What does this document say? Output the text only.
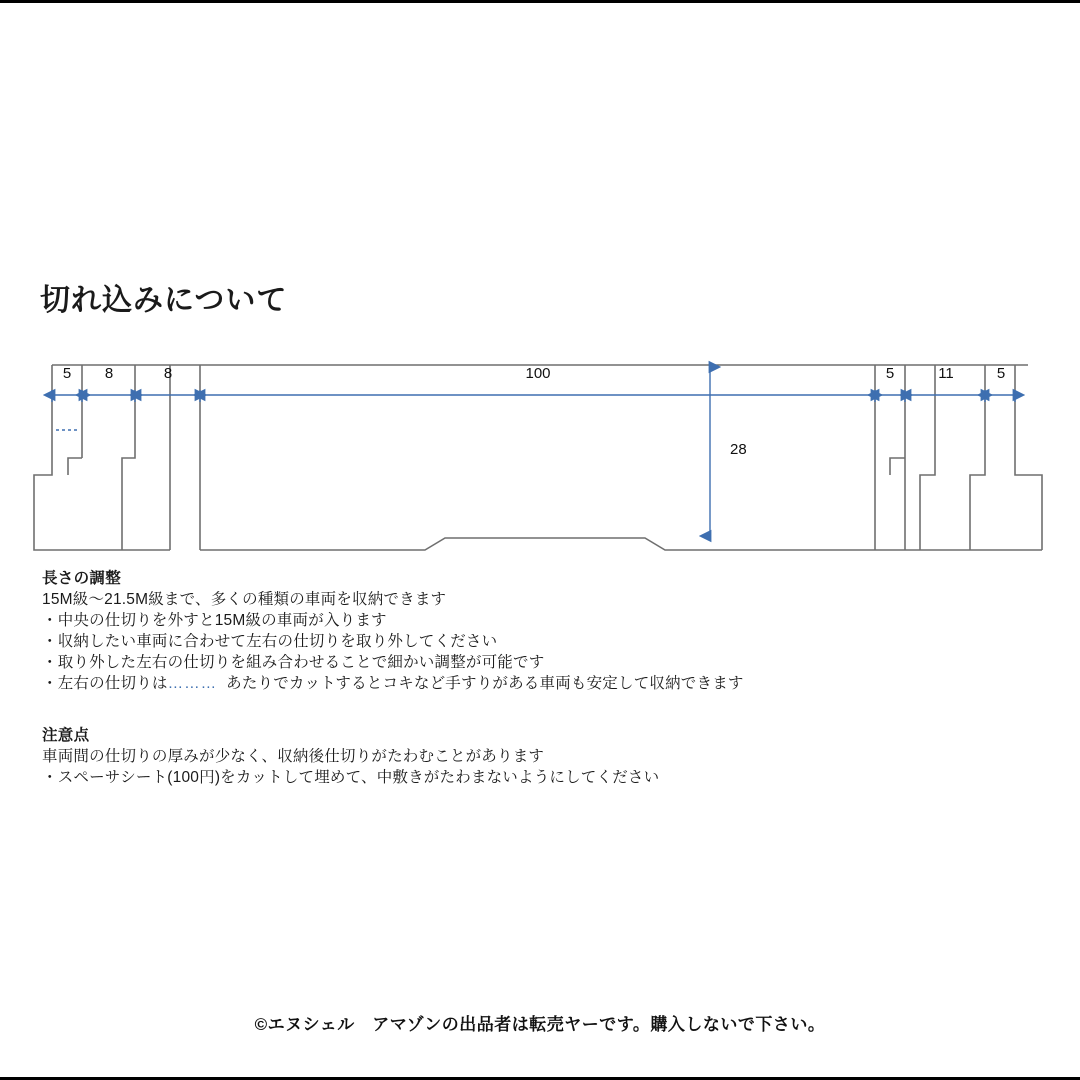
切れ込みについて
5 8	8	100	5	11	5
28
長さの調整
15M級～21.5M級まで、多くの種類の車両を収納できます
・中央の仕切りを外すと15M級の車両が入ります
・収納したい車両に合わせて左右の仕切りを取り外してください
・取り外した左右の仕切りを組み合わせることで細かい調整が可能です
・左右の仕切りは……… あたりでカットするとコキなど手すりがある車両も安定して収納できます
注意点
車両間の仕切りの厚みが少なく、収納後仕切りがたわむことがあります
・スペーサシート(100円)をカットして埋めて、中敷きがたわまないようにしてください
©エヌシェル　アマゾンの出品者は転売ヤーです。購入しないで下さい。
